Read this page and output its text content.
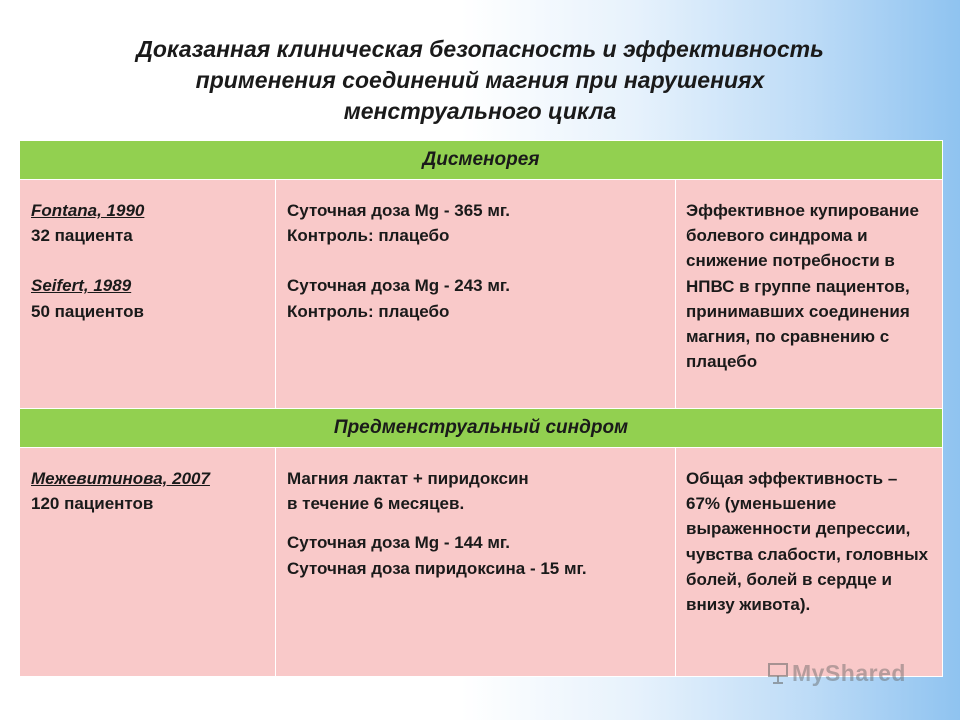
Доказанная клиническая безопасность и эффективность
применения соединений магния при нарушениях
менструального цикла
Дисменорея		

Fontana, 1990
32 пациента
Seifert, 1989
50 пациентов	Суточная доза Mg - 365 мг.
Контроль: плацебо
Суточная доза Mg - 243 мг.
Контроль: плацебо	Эффективное купирование болевого синдрома и снижение потребности в НПВС в группе пациентов, принимавших соединения магния, по сравнению с плацебо

Предменструальный синдром		

Межевитинова, 2007
120 пациентов	Магния лактат + пиридоксин
в течение 6 месяцев.
Суточная доза Mg - 144 мг.
Суточная доза пиридоксина - 15 мг.	Общая эффективность – 67% (уменьшение выраженности депрессии, чувства слабости, головных болей, болей в сердце и внизу живота).
MyShared
